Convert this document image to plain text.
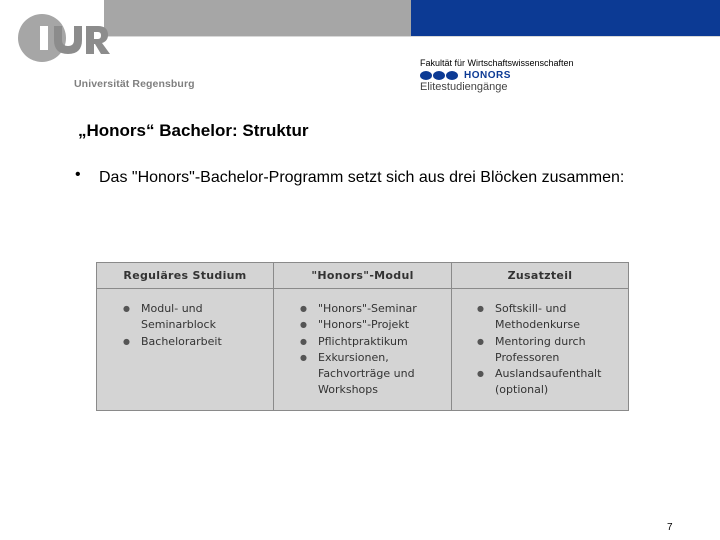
Universität Regensburg
Fakultät für Wirtschaftswissenschaften
HONORS
Elitestudiengänge
„Honors“ Bachelor: Struktur
• Das "Honors"-Bachelor-Programm setzt sich aus drei Blöcken zusammen:
Reguläres Studium	"Honors"-Modul	Zusatzteil
● Modul- und
Seminarblock
● Bachelorarbeit
● "Honors"-Seminar
● "Honors"-Projekt
● Pflichtpraktikum
● Exkursionen,
Fachvorträge und
Workshops
● Softskill- und
Methodenkurse
● Mentoring durch
Professoren
● Auslandsaufenthalt
(optional)
7
